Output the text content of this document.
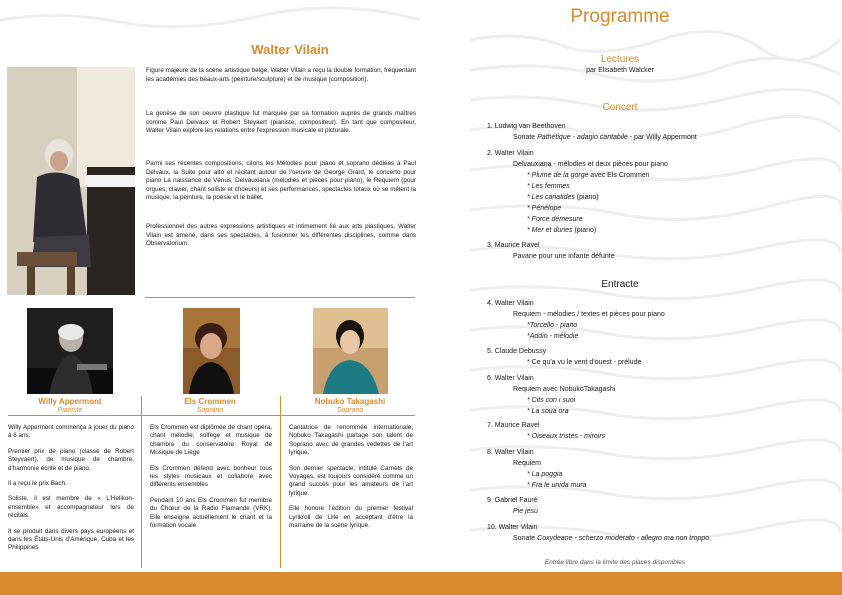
Walter Vilain

Figure majeure de la scène artistique belge, Walter Vilain a reçu la double formation, fréquentant les académies des beaux-arts (peinture/sculpture) et de musique (composition).

La genèse de son oeuvre plastique fut marquée par sa formation auprès de grands maîtres comme Paul Delvaux et Robert Steyaert (pianiste, compositeur). En tant que compositeur, Walter Vilain explore les relations entre l'expression musicale et picturale.

Parmi ses récentes compositions, citons les Mélodies pour piano et soprano dédiées à Paul Delvaux, la Suite pour alto et récitant autour de l'oeuvre de George Grard, le concerto pour piano La naissance de Vénus, Delvauxiana (mélodies et pièces pour piano), le Requiem (pour orgues, clavier, chant soliste et choeurs) et ses performances, spectacles totaux où se mêlent la musique, la peinture, la poésie et le ballet.

Professionnel des autres expressions artistiques et intimement lié aux arts plastiques, Walter Vilain est amené, dans ses spectacles, à fusionner les différentes disciplines, comme dans Observatorium.

Willy Appermont
Pianiste
Els Crommen
Soprano
Nobuko Takagashi
Soprano

Willy Appermont commença à jouer du piano à 6 ans.

Premier prix de piano (classe de Robert Steyvaert), de musique de chambre, d'harmonie écrite et de piano.

Il a reçu le prix Bach.

Soliste, il est membre de « L'Helikon-ensemble» et accompagnateur lors de récitals.

Il se produit dans divers pays européens et dans les États-Unis d'Amérique, Cuba et les Philippines

Els Crommen est diplômée de chant opéra, chant mélodie, solfège et musique de chambre du conservatoire Royal de Musique de Liège

Els Crommen défend avec bonheur tous les styles musicaux et collabore avec différents ensembles

Pendant 10 ans Els Crommen fut membre du Chœur de la Radio Flamande (VRK). Elle enseigne actuellement le chant et la formation vocale

Cantatrice de renommée internationale, Nobuko Takagashi partage son talent de Soprano avec de grandes vedettes de l'art lyrique.

Son dernier spectacle, intitulé Carnets de Voyages, est toujours considéré comme un grand succès pour les amateurs de l'art lyrique.

Elle honore l'édition du premier festival Lyrikroll de Lille en acceptant d'être la marraine de la scène lyrique.

Programme
Lectures
par Elisabeth Walcker
Concert
1. Ludwig van Beethoven
Sonate Pathétique - adagio cantabile - par Willy Appermont
2. Walter Vilain
Delvauxiana - mélodies et deux pièces pour piano
* Plume de la gorge avec Els Crommen
* Les femmes
* Les cariatides (piano)
* Pénélope
* Force démesure
* Mer et dunes (piano)
3. Maurice Ravel
Pavane pour une infante défunte
Entracte
4. Walter Vilain
Requiem - mélodies / textes et pièces pour piano
*Torcello - piano
*Addio - mélodie
5. Claude Debussy
* Ce qu'a vu le vent d'ouest - prélude
6. Walter Vilain
Requiem avec NobukoTakagashi
* Cits con i suoi
* La soua ora
7. Maurice Ravel
* Oiseaux tristes - miroirs
8. Walter Vilain
Requiem
* La poggia
* Fra le unida mura
9. Gabriel Fauré
Pie jesu
10. Walter Vilain
Sonate Coxydeane - scherzo moderato - allegro ma non troppo
Entrée libre dans la limite des places disponibles
